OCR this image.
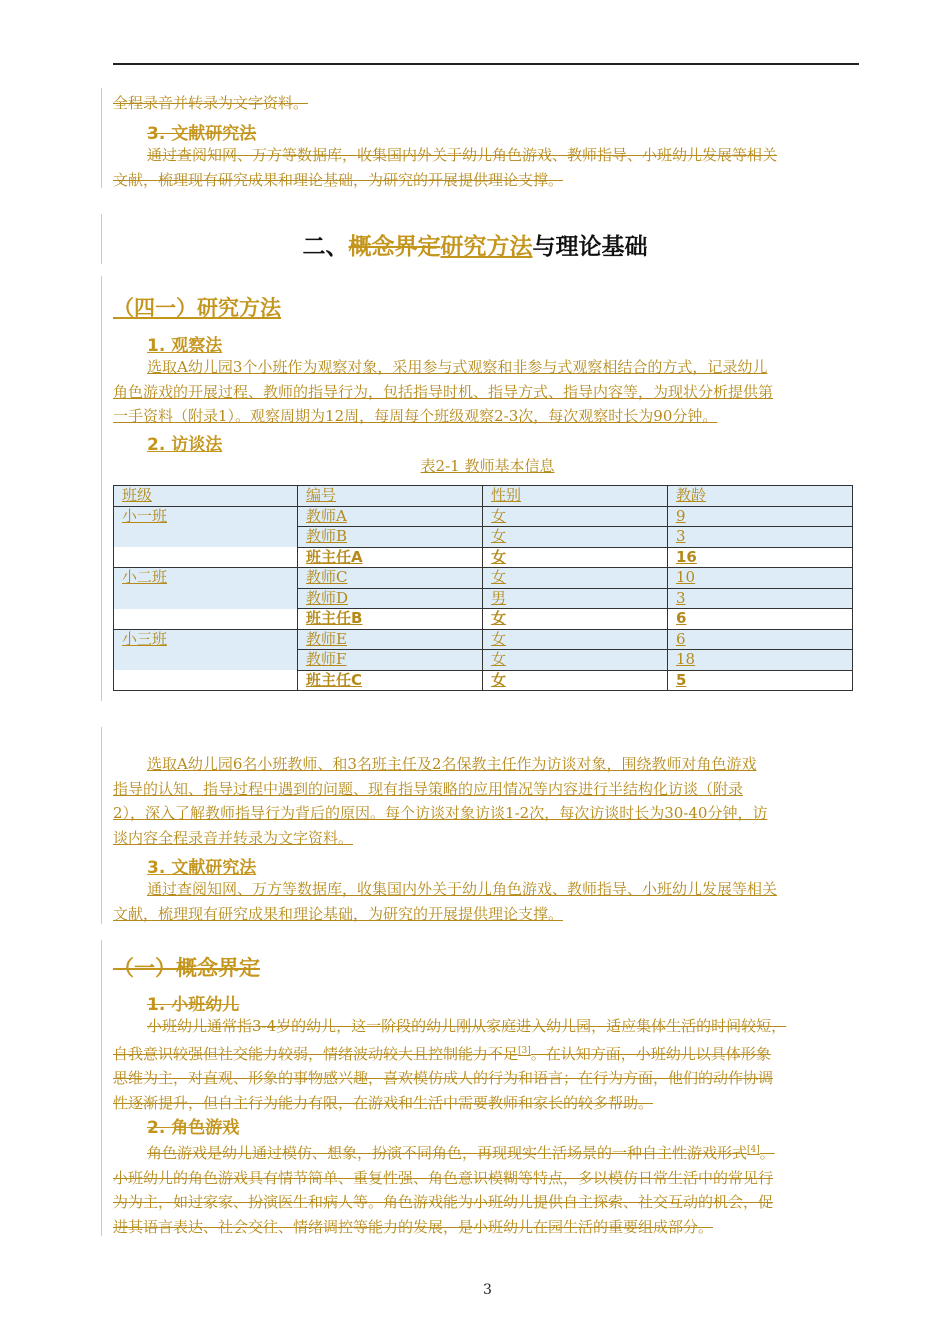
全程录音并转录为文字资料。
3. 文献研究法
通过查阅知网、万方等数据库，收集国内外关于幼儿角色游戏、教师指导、小班幼儿发展等相关
文献，梳理现有研究成果和理论基础，为研究的开展提供理论支撑。
二、概念界定研究方法与理论基础
（四一）研究方法
1. 观察法
选取A幼儿园3个小班作为观察对象，采用参与式观察和非参与式观察相结合的方式，记录幼儿
角色游戏的开展过程、教师的指导行为，包括指导时机、指导方式、指导内容等，为现状分析提供第
一手资料（附录1）。观察周期为12周，每周每个班级观察2-3次，每次观察时长为90分钟。
2. 访谈法
表2-1 教师基本信息
班级	编号	性别	教龄
小一班	教师A	女	9
	教师B	女	3
	班主任A	女	16
小二班	教师C	女	10
	教师D	男	3
	班主任B	女	6
小三班	教师E	女	6
	教师F	女	18
	班主任C	女	5
选取A幼儿园6名小班教师、和3名班主任及2名保教主任作为访谈对象，围绕教师对角色游戏
指导的认知、指导过程中遇到的问题、现有指导策略的应用情况等内容进行半结构化访谈（附录
2），深入了解教师指导行为背后的原因。每个访谈对象访谈1-2次，每次访谈时长为30-40分钟，访
谈内容全程录音并转录为文字资料。
3. 文献研究法
通过查阅知网、万方等数据库，收集国内外关于幼儿角色游戏、教师指导、小班幼儿发展等相关
文献，梳理现有研究成果和理论基础，为研究的开展提供理论支撑。
（一）概念界定
1. 小班幼儿
小班幼儿通常指3-4岁的幼儿，这一阶段的幼儿刚从家庭进入幼儿园，适应集体生活的时间较短，
自我意识较强但社交能力较弱，情绪波动较大且控制能力不足[3]。在认知方面，小班幼儿以具体形象
思维为主，对直观、形象的事物感兴趣，喜欢模仿成人的行为和语言；在行为方面，他们的动作协调
性逐渐提升，但自主行为能力有限，在游戏和生活中需要教师和家长的较多帮助。
2. 角色游戏
角色游戏是幼儿通过模仿、想象，扮演不同角色，再现现实生活场景的一种自主性游戏形式[4]。
小班幼儿的角色游戏具有情节简单、重复性强、角色意识模糊等特点，多以模仿日常生活中的常见行
为为主，如过家家、扮演医生和病人等。角色游戏能为小班幼儿提供自主探索、社交互动的机会，促
进其语言表达、社会交往、情绪调控等能力的发展，是小班幼儿在园生活的重要组成部分。
3
